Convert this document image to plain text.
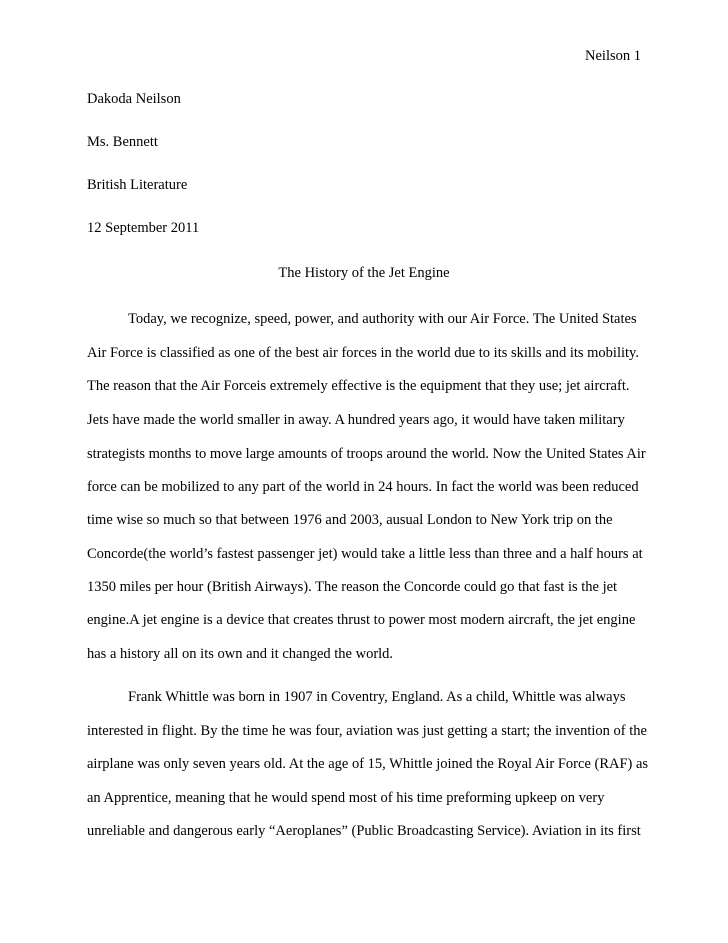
Neilson 1
Dakoda Neilson
Ms. Bennett
British Literature
12 September 2011
The History of the Jet Engine
Today, we recognize, speed, power, and authority with our Air Force. The United States
Air Force is classified as one of the best air forces in the world due to its skills and its mobility.
The reason that the Air Forceis extremely effective is the equipment that they use; jet aircraft.
Jets have made the world smaller in away. A hundred years ago, it would have taken military
strategists months to move large amounts of troops around the world. Now the United States Air
force can be mobilized to any part of the world in 24 hours. In fact the world was been reduced
time wise so much so that between 1976 and 2003, ausual London to New York trip on the
Concorde(the world’s fastest passenger jet) would take a little less than three and a half hours at
1350 miles per hour (British Airways). The reason the Concorde could go that fast is the jet
engine.A jet engine is a device that creates thrust to power most modern aircraft, the jet engine
has a history all on its own and it changed the world.
Frank Whittle was born in 1907 in Coventry, England. As a child, Whittle was always
interested in flight. By the time he was four, aviation was just getting a start; the invention of the
airplane was only seven years old. At the age of 15, Whittle joined the Royal Air Force (RAF) as
an Apprentice, meaning that he would spend most of his time preforming upkeep on very
unreliable and dangerous early “Aeroplanes” (Public Broadcasting Service). Aviation in its first
